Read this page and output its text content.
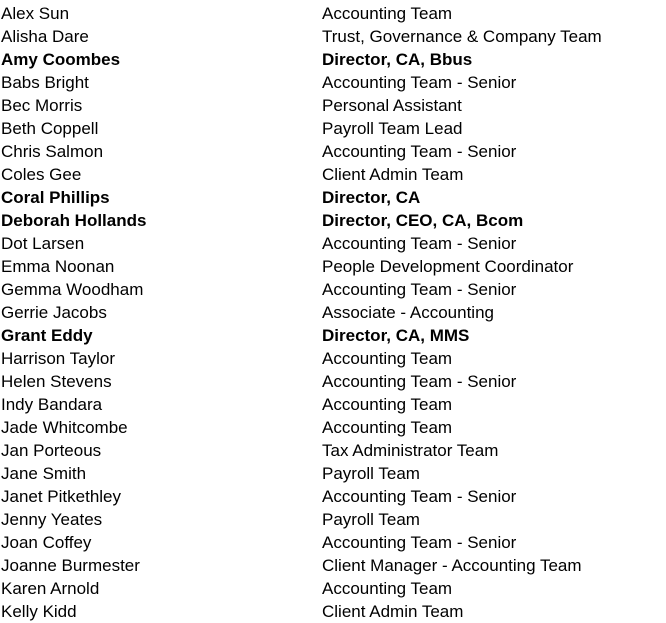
Alex Sun	Accounting Team
Alisha Dare	Trust, Governance & Company Team
Amy Coombes	Director, CA, Bbus
Babs Bright	Accounting Team - Senior
Bec Morris	Personal Assistant
Beth Coppell	Payroll Team Lead
Chris Salmon	Accounting Team - Senior
Coles Gee	Client Admin Team
Coral Phillips	Director, CA
Deborah Hollands	Director, CEO, CA, Bcom
Dot Larsen	Accounting Team - Senior
Emma Noonan	People Development Coordinator
Gemma Woodham	Accounting Team - Senior
Gerrie Jacobs	Associate - Accounting
Grant Eddy	Director, CA, MMS
Harrison Taylor	Accounting Team
Helen Stevens	Accounting Team - Senior
Indy Bandara	Accounting Team
Jade Whitcombe	Accounting Team
Jan Porteous	Tax Administrator Team
Jane Smith	Payroll Team
Janet Pitkethley	Accounting Team - Senior
Jenny Yeates	Payroll Team
Joan Coffey	Accounting Team - Senior
Joanne Burmester	Client Manager - Accounting Team
Karen Arnold	Accounting Team
Kelly Kidd	Client Admin Team
